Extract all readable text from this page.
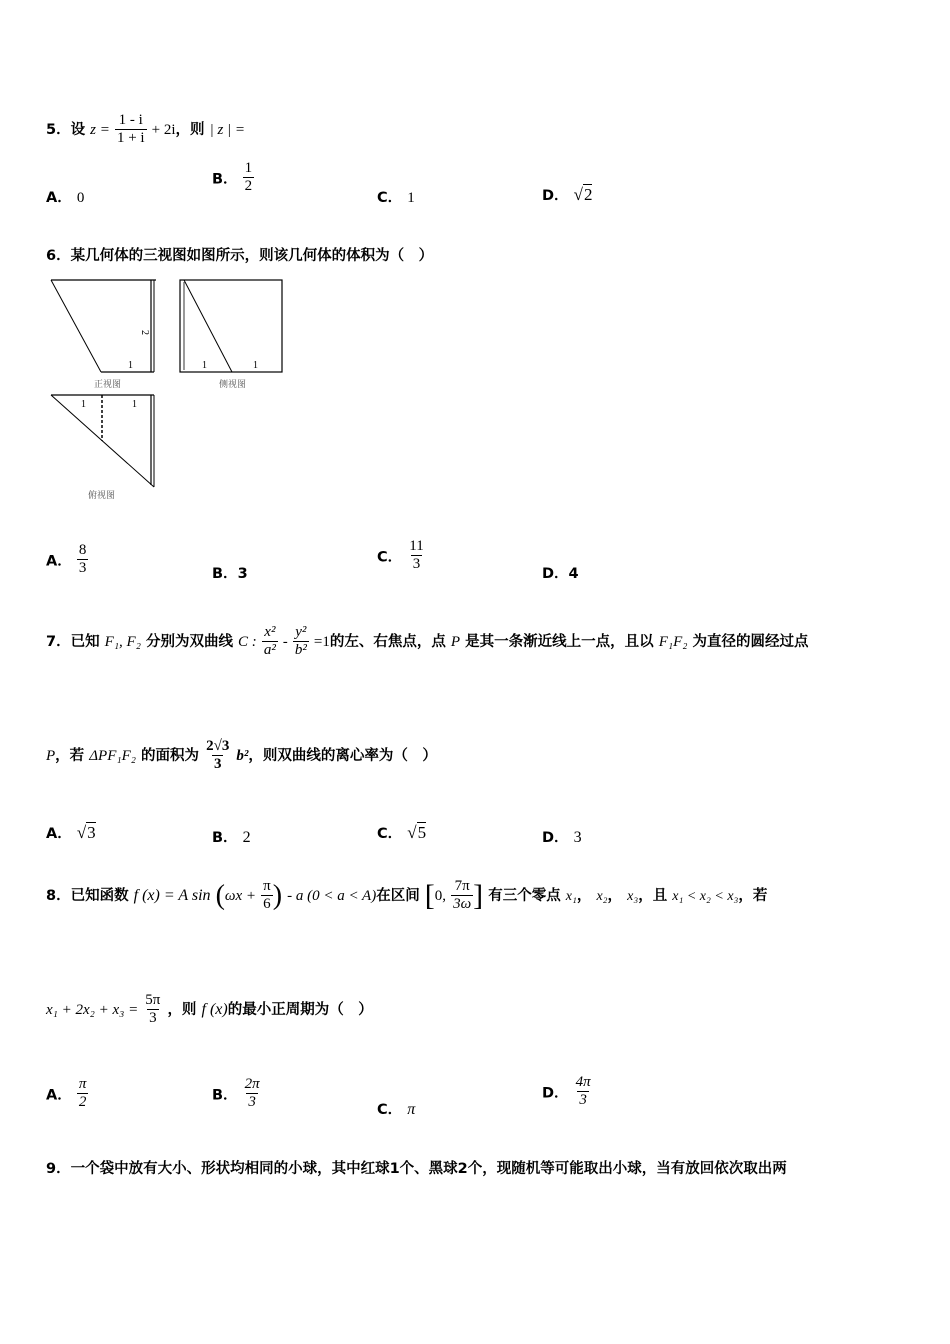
5．设 $z = \frac{1 - i}{1 + i} + 2i$，则 | z | =
A． 0
B． $\frac{1}{2}$
C． 1	D． √2
6．某几何体的三视图如图所示，则该几何体的体积为（　）
2
1
正视图
1	1
侧视图
1	1
俯视图
A． $\frac{8}{3}$	B．3
C． $\frac{11}{3}$
D．4
7．已知 F₁, F₂ 分别为双曲线 C : $\frac{\text{x²}}{\text{a²}} - \frac{\text{y²}}{\text{b²}} =1$的左、右焦点，点 P 是其一条渐近线上一点，且以 F₁F₂ 为直径的圆经过点
P，若 ΔPF₁F₂ 的面积为 $\frac{2√3}{3} b^2$，则双曲线的离心率为（　）
A． √3	B． 2	C． √5	D． 3
8．已知函数 f (x) = A $\sin (\omega x + \frac{\pi}{6}$ ) - a (0 < a < A)在区间 [0, $\frac{7\pi}{3\omega}$ ] 有三个零点 x₁， x₂， x₃，且 x₁ < x₂ < x₃，若
$x_1 + 2x_2 + x_3 = \frac{5\pi}{3}$ ，则 f (x)的最小正周期为（　）
A． $\frac{\pi}{2}$	B． $\frac{2\pi}{3}$	C． π
D． $\frac{4\pi}{3}$
9．一个袋中放有大小、形状均相同的小球，其中红球1个、黑球2个，现随机等可能取出小球，当有放回依次取出两
